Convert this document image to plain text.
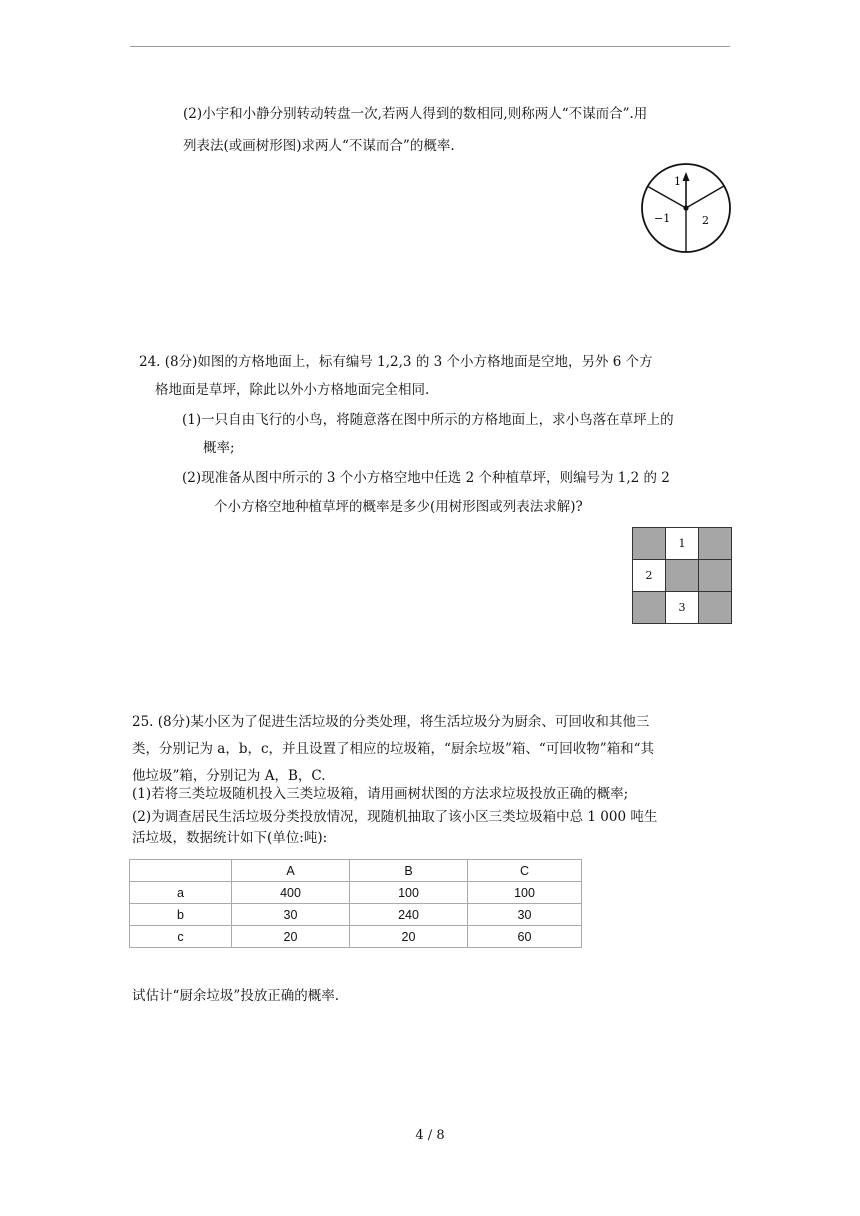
(2)小宇和小静分别转动转盘一次,若两人得到的数相同,则称两人“不谋而合”.用
列表法(或画树形图)求两人“不谋而合”的概率.
1
−1	2
24. (8分)如图的方格地面上，标有编号 1,2,3 的 3 个小方格地面是空地，另外 6 个方
格地面是草坪，除此以外小方格地面完全相同.
(1)一只自由飞行的小鸟，将随意落在图中所示的方格地面上，求小鸟落在草坪上的
概率;
(2)现准备从图中所示的 3 个小方格空地中任选 2 个种植草坪，则编号为 1,2 的 2
个小方格空地种植草坪的概率是多少(用树形图或列表法求解)?
	1	
2		
	3	
25. (8分)某小区为了促进生活垃圾的分类处理，将生活垃圾分为厨余、可回收和其他三
类，分别记为 a，b，c，并且设置了相应的垃圾箱，“厨余垃圾”箱、“可回收物”箱和“其
他垃圾”箱，分别记为 A，B，C.
(1)若将三类垃圾随机投入三类垃圾箱，请用画树状图的方法求垃圾投放正确的概率;
(2)为调查居民生活垃圾分类投放情况，现随机抽取了该小区三类垃圾箱中总 1 000 吨生
活垃圾，数据统计如下(单位:吨):
	A	B	C
a	400	100	100
b	30	240	30
c	20	20	60
试估计“厨余垃圾”投放正确的概率.
4 / 8
